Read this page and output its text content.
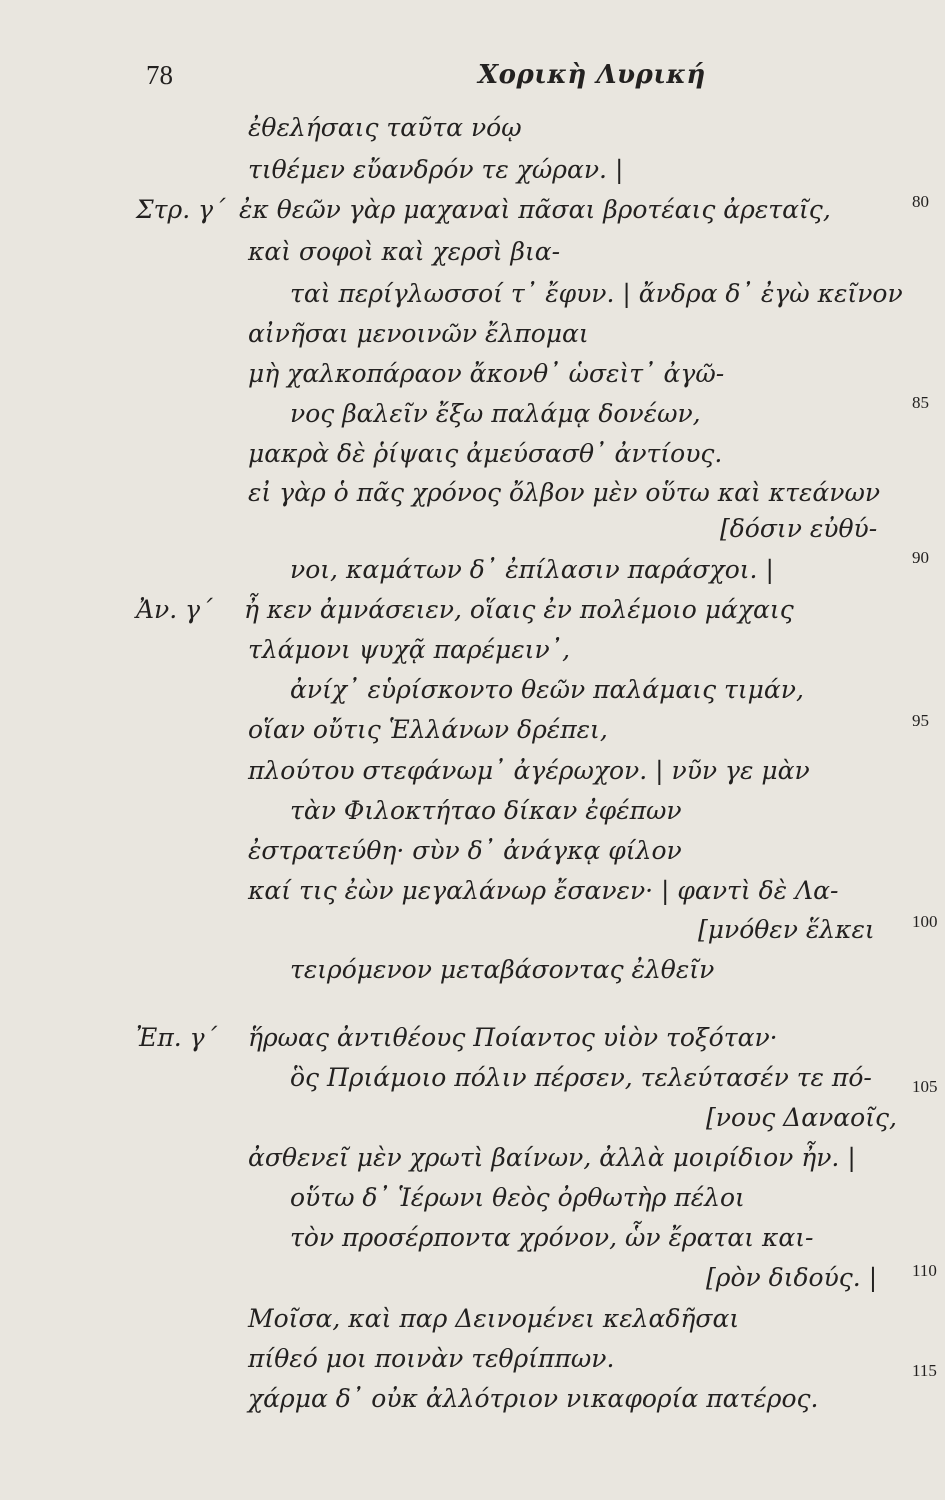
78	Χορικὴ Λυρική
Στρ. γ΄
Ἀν. γ΄
Ἐπ. γ΄
ἐθελήσαις ταῦτα νόῳ
τιθέμεν εὔανδρόν τε χώραν. |
ἐκ θεῶν γὰρ μαχαναὶ πᾶσαι βροτέαις ἀρεταῖς,
καὶ σοφοὶ καὶ χερσὶ βια-
ταὶ περίγλωσσοί τ᾽ ἔφυν. | ἄνδρα δ᾽ ἐγὼ κεῖνον
αἰνῆσαι μενοινῶν ἔλπομαι
μὴ χαλκοπάραον ἄκονθ᾽ ὡσεὶτ᾽ ἀγῶ-
νος βαλεῖν ἔξω παλάμᾳ δονέων,
μακρὰ δὲ ῥίψαις ἀμεύσασθ᾽ ἀντίους.
εἰ γὰρ ὁ πᾶς χρόνος ὄλβον μὲν οὕτω καὶ κτεάνων
[δόσιν εὐθύ-
νοι, καμάτων δ᾽ ἐπίλασιν παράσχοι. |
ἦ κεν ἀμνάσειεν, οἵαις ἐν πολέμοιο μάχαις
τλάμονι ψυχᾷ παρέμειν᾽,
ἀνίχ᾽ εὑρίσκοντο θεῶν παλάμαις τιμάν,
οἵαν οὔτις Ἑλλάνων δρέπει,
πλούτου στεφάνωμ᾽ ἀγέρωχον. | νῦν γε μὰν
τὰν Φιλοκτήταο δίκαν ἐφέπων
ἐστρατεύθη· σὺν δ᾽ ἀνάγκᾳ φίλον
καί τις ἐὼν μεγαλάνωρ ἔσανεν· | φαντὶ δὲ Λα-
[μνόθεν ἕλκει
τειρόμενον μεταβάσοντας ἐλθεῖν
ἥρωας ἀντιθέους Ποίαντος υἱὸν τοξόταν·
ὃς Πριάμοιο πόλιν πέρσεν, τελεύτασέν τε πό-
[νους Δαναοῖς,
ἀσθενεῖ μὲν χρωτὶ βαίνων, ἀλλὰ μοιρίδιον ἦν. |
οὕτω δ᾽ Ἱέρωνι θεὸς ὀρθωτὴρ πέλοι
τὸν προσέρποντα χρόνον, ὧν ἔραται και-
[ρὸν διδούς. |
Μοῖσα, καὶ παρ Δεινομένει κελαδῆσαι
πίθεό μοι ποινὰν τεθρίππων.
χάρμα δ᾽ οὐκ ἀλλότριον νικαφορία πατέρος.
80
85
90
95
100
105
110
115
